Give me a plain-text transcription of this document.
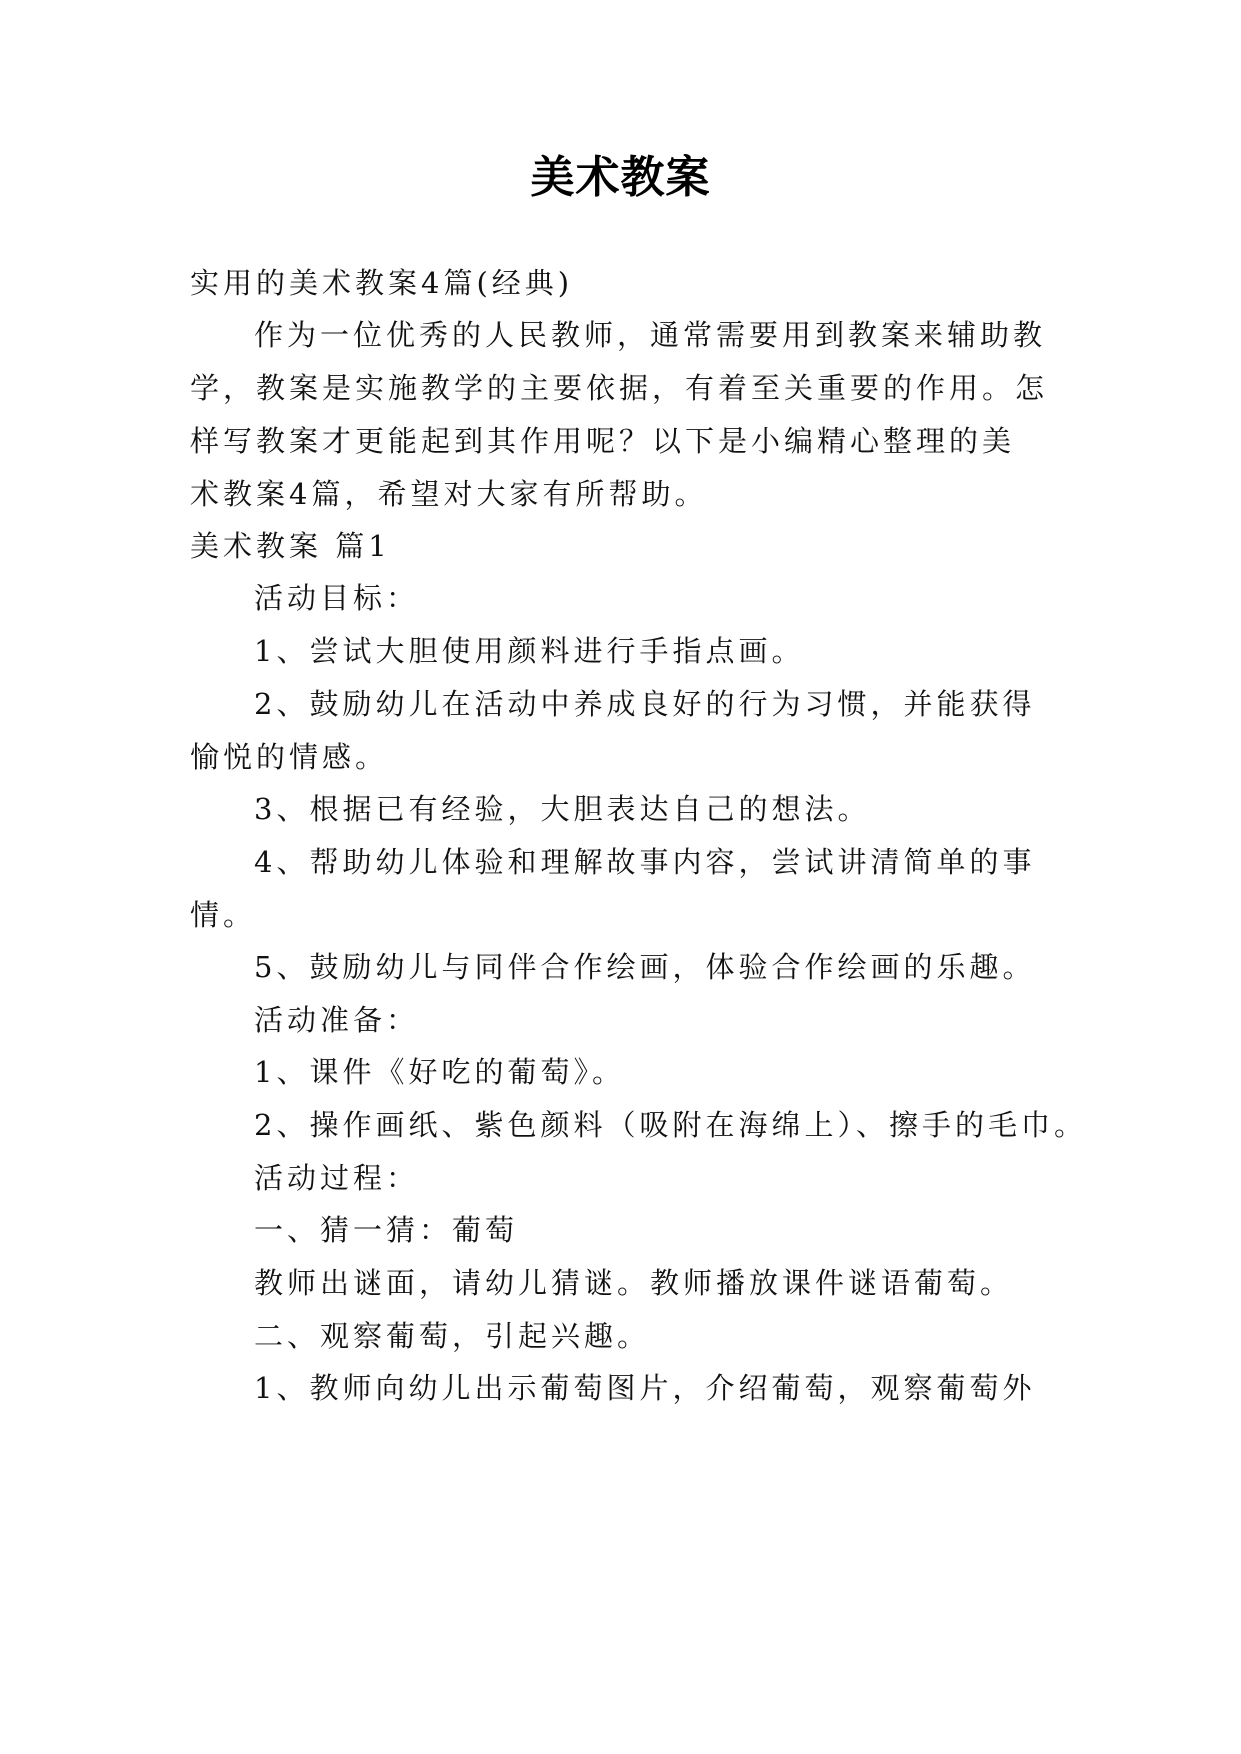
美术教案
实用的美术教案4篇(经典)
作为一位优秀的人民教师，通常需要用到教案来辅助教
学，教案是实施教学的主要依据，有着至关重要的作用。怎
样写教案才更能起到其作用呢？以下是小编精心整理的美
术教案4篇，希望对大家有所帮助。
美术教案 篇1
活动目标：
1、尝试大胆使用颜料进行手指点画。
2、鼓励幼儿在活动中养成良好的行为习惯，并能获得
愉悦的情感。
3、根据已有经验，大胆表达自己的想法。
4、帮助幼儿体验和理解故事内容，尝试讲清简单的事
情。
5、鼓励幼儿与同伴合作绘画，体验合作绘画的乐趣。
活动准备：
1、课件《好吃的葡萄》。
2、操作画纸、紫色颜料（吸附在海绵上）、擦手的毛巾。
活动过程：
一、猜一猜：葡萄
教师出谜面，请幼儿猜谜。教师播放课件谜语葡萄。
二、观察葡萄，引起兴趣。
1、教师向幼儿出示葡萄图片，介绍葡萄，观察葡萄外
